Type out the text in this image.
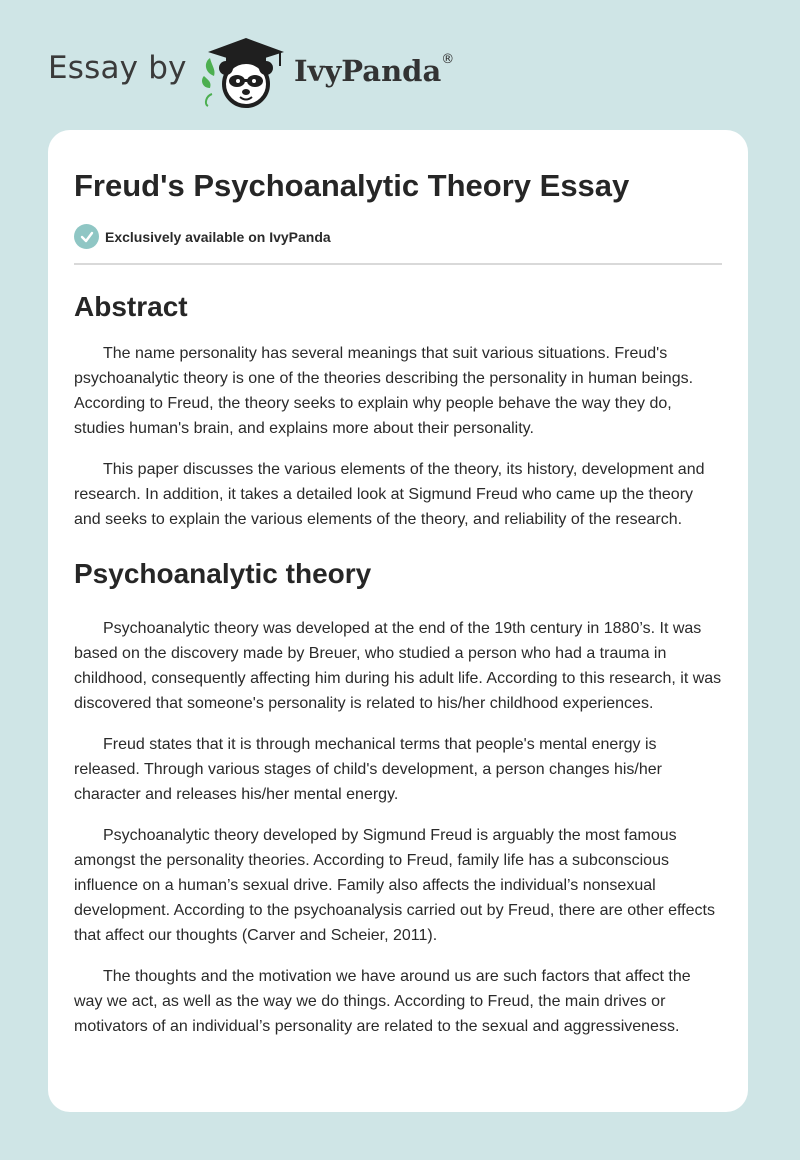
Essay by	IvyPanda®
Freud's Psychoanalytic Theory Essay
Exclusively available on IvyPanda
Abstract

The name personality has several meanings that suit various situations. Freud's psychoanalytic theory is one of the theories describing the personality in human beings. According to Freud, the theory seeks to explain why people behave the way they do, studies human's brain, and explains more about their personality.

This paper discusses the various elements of the theory, its history, development and research. In addition, it takes a detailed look at Sigmund Freud who came up the theory and seeks to explain the various elements of the theory, and reliability of the research.

Psychoanalytic theory

Psychoanalytic theory was developed at the end of the 19th century in 1880’s. It was based on the discovery made by Breuer, who studied a person who had a trauma in childhood, consequently affecting him during his adult life. According to this research, it was discovered that someone's personality is related to his/her childhood experiences.

Freud states that it is through mechanical terms that people's mental energy is released. Through various stages of child's development, a person changes his/her character and releases his/her mental energy.

Psychoanalytic theory developed by Sigmund Freud is arguably the most famous amongst the personality theories. According to Freud, family life has a subconscious influence on a human’s sexual drive. Family also affects the individual’s nonsexual development. According to the psychoanalysis carried out by Freud, there are other effects that affect our thoughts (Carver and Scheier, 2011).

The thoughts and the motivation we have around us are such factors that affect the way we act, as well as the way we do things. According to Freud, the main drives or motivators of an individual’s personality are related to the sexual and aggressiveness.
